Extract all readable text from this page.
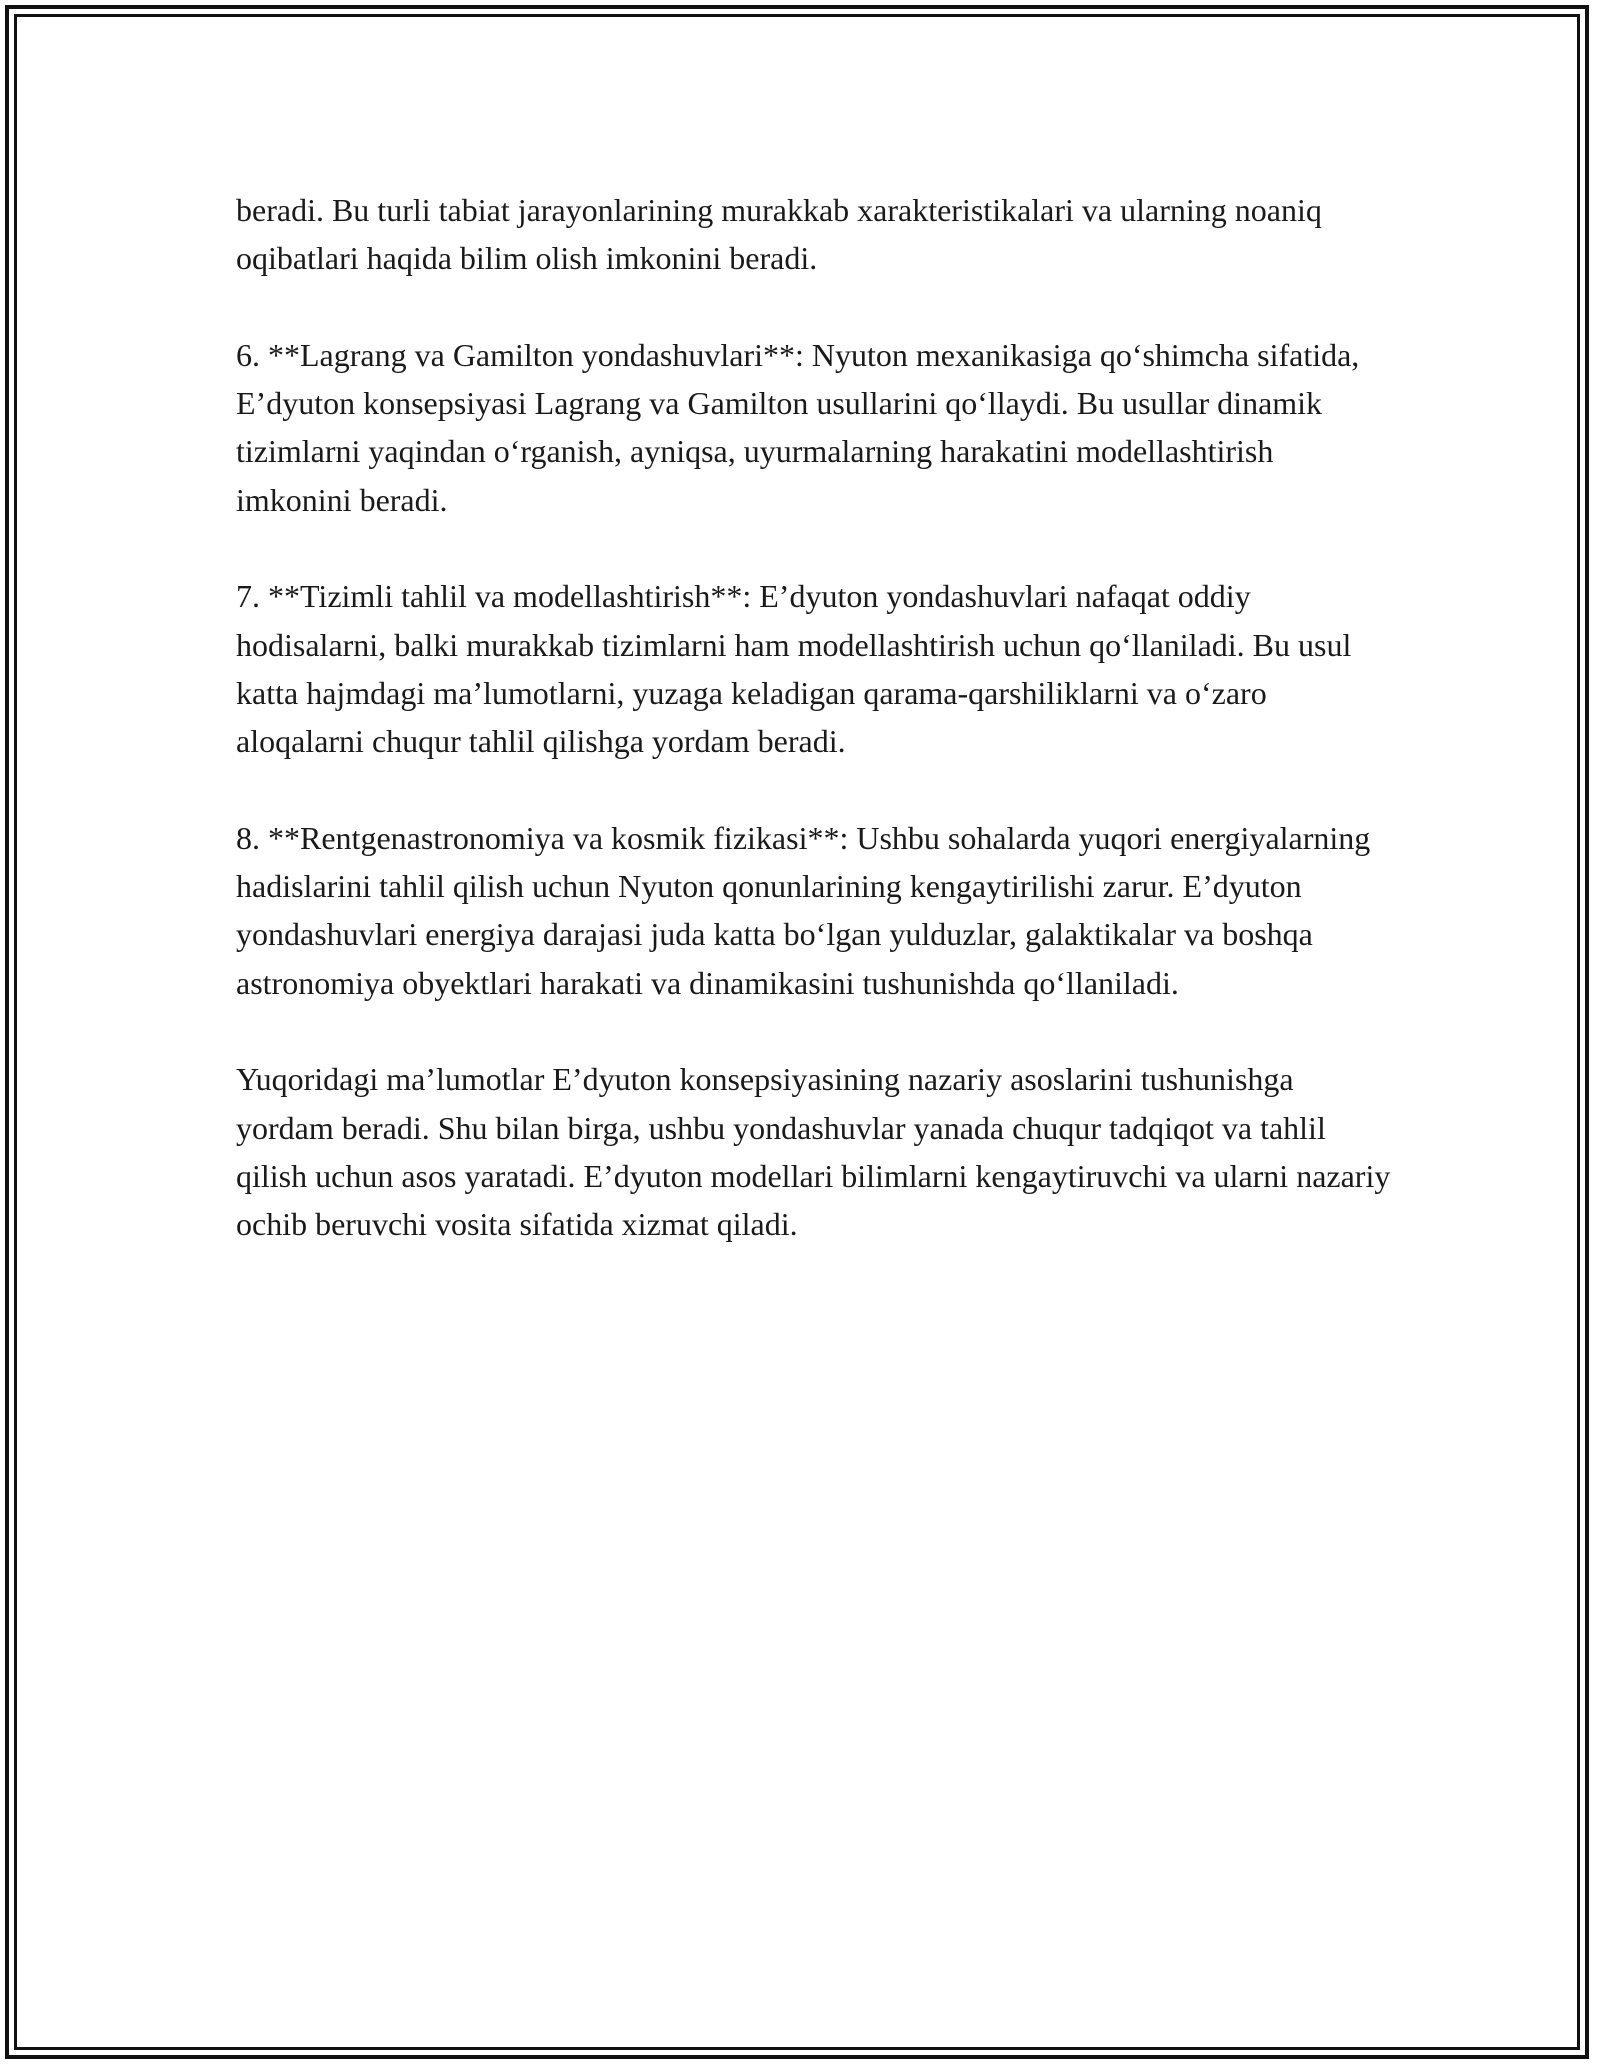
beradi. Bu turli tabiat jarayonlarining murakkab xarakteristikalari va ularning noaniq oqibatlari haqida bilim olish imkonini beradi.

6. **Lagrang va Gamilton yondashuvlari**: Nyuton mexanikasiga qo‘shimcha sifatida, E’dyuton konsepsiyasi Lagrang va Gamilton usullarini qo‘llaydi. Bu usullar dinamik tizimlarni yaqindan o‘rganish, ayniqsa, uyurmalarning harakatini modellashtirish imkonini beradi.

7. **Tizimli tahlil va modellashtirish**: E’dyuton yondashuvlari nafaqat oddiy hodisalarni, balki murakkab tizimlarni ham modellashtirish uchun qo‘llaniladi. Bu usul katta hajmdagi ma’lumotlarni, yuzaga keladigan qarama-qarshiliklarni va o‘zaro aloqalarni chuqur tahlil qilishga yordam beradi.

8. **Rentgenastronomiya va kosmik fizikasi**: Ushbu sohalarda yuqori energiyalarning hadislarini tahlil qilish uchun Nyuton qonunlarining kengaytirilishi zarur. E’dyuton yondashuvlari energiya darajasi juda katta bo‘lgan yulduzlar, galaktikalar va boshqa astronomiya obyektlari harakati va dinamikasini tushunishda qo‘llaniladi.

Yuqoridagi ma’lumotlar E’dyuton konsepsiyasining nazariy asoslarini tushunishga yordam beradi. Shu bilan birga, ushbu yondashuvlar yanada chuqur tadqiqot va tahlil qilish uchun asos yaratadi. E’dyuton modellari bilimlarni kengaytiruvchi va ularni nazariy ochib beruvchi vosita sifatida xizmat qiladi.
